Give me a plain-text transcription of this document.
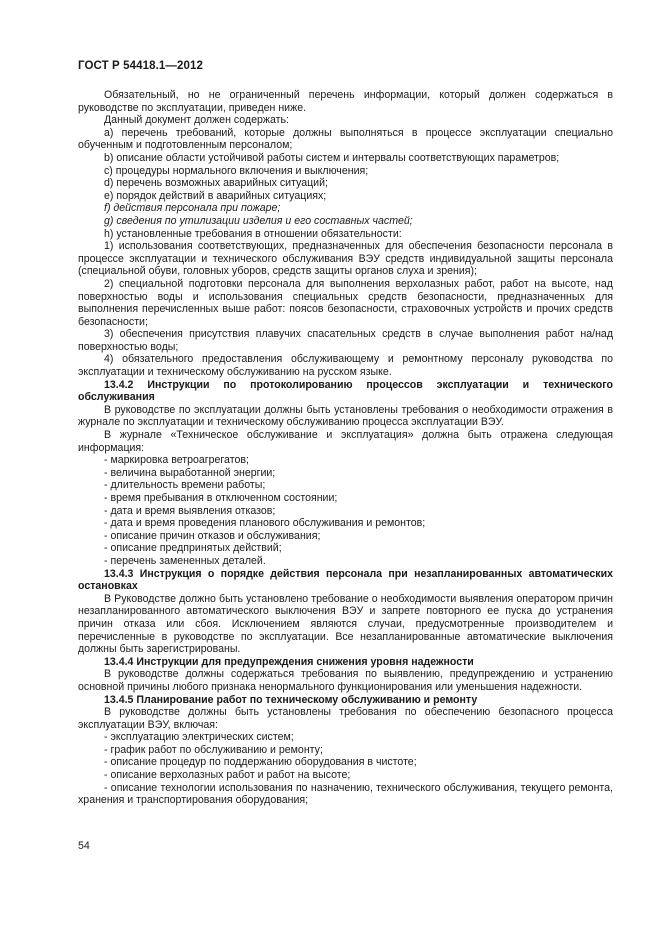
ГОСТ Р 54418.1—2012

Обязательный, но не ограниченный перечень информации, который должен содержаться в руководстве по эксплуатации, приведен ниже.

Данный документ должен содержать:

a) перечень требований, которые должны выполняться в процессе эксплуатации специально обученным и подготовленным персоналом;

b) описание области устойчивой работы систем и интервалы соответствующих параметров;

c) процедуры нормального включения и выключения;

d) перечень возможных аварийных ситуаций;

e) порядок действий в аварийных ситуациях;

f) действия персонала при пожаре;

g) сведения по утилизации изделия и его составных частей;

h) установленные требования в отношении обязательности:

1) использования соответствующих, предназначенных для обеспечения безопасности персонала в процессе эксплуатации и технического обслуживания ВЭУ средств индивидуальной защиты персонала (специальной обуви, головных уборов, средств защиты органов слуха и зрения);

2) специальной подготовки персонала для выполнения верхолазных работ, работ на высоте, над поверхностью воды и использования специальных средств безопасности, предназначенных для выполнения перечисленных выше работ: поясов безопасности, страховочных устройств и прочих средств безопасности;

3) обеспечения присутствия плавучих спасательных средств в случае выполнения работ на/над поверхностью воды;

4) обязательного предоставления обслуживающему и ремонтному персоналу руководства по эксплуатации и техническому обслуживанию на русском языке.

13.4.2 Инструкции по протоколированию процессов эксплуатации и технического обслуживания

В руководстве по эксплуатации должны быть установлены требования о необходимости отражения в журнале по эксплуатации и техническому обслуживанию процесса эксплуатации ВЭУ.

В журнале «Техническое обслуживание и эксплуатация» должна быть отражена следующая информация:

- маркировка ветроагрегатов;

- величина выработанной энергии;

- длительность времени работы;

- время пребывания в отключенном состоянии;

- дата и время выявления отказов;

- дата и время проведения планового обслуживания и ремонтов;

- описание причин отказов и обслуживания;

- описание предпринятых действий;

- перечень замененных деталей.

13.4.3 Инструкция о порядке действия персонала при незапланированных автоматических остановках

В Руководстве должно быть установлено требование о необходимости выявления оператором причин незапланированного автоматического выключения ВЭУ и запрете повторного ее пуска до устранения причин отказа или сбоя. Исключением являются случаи, предусмотренные производителем и перечисленные в руководстве по эксплуатации. Все незапланированные автоматические выключения должны быть зарегистрированы.

13.4.4 Инструкции для предупреждения снижения уровня надежности

В руководстве должны содержаться требования по выявлению, предупреждению и устранению основной причины любого признака ненормального функционирования или уменьшения надежности.

13.4.5 Планирование работ по техническому обслуживанию и ремонту

В руководстве должны быть установлены требования по обеспечению безопасного процесса эксплуатации ВЭУ, включая:

- эксплуатацию электрических систем;

- график работ по обслуживанию и ремонту;

- описание процедур по поддержанию оборудования в чистоте;

- описание верхолазных работ и работ на высоте;

- описание технологии использования по назначению, технического обслуживания, текущего ремонта, хранения и транспортирования оборудования;

54
